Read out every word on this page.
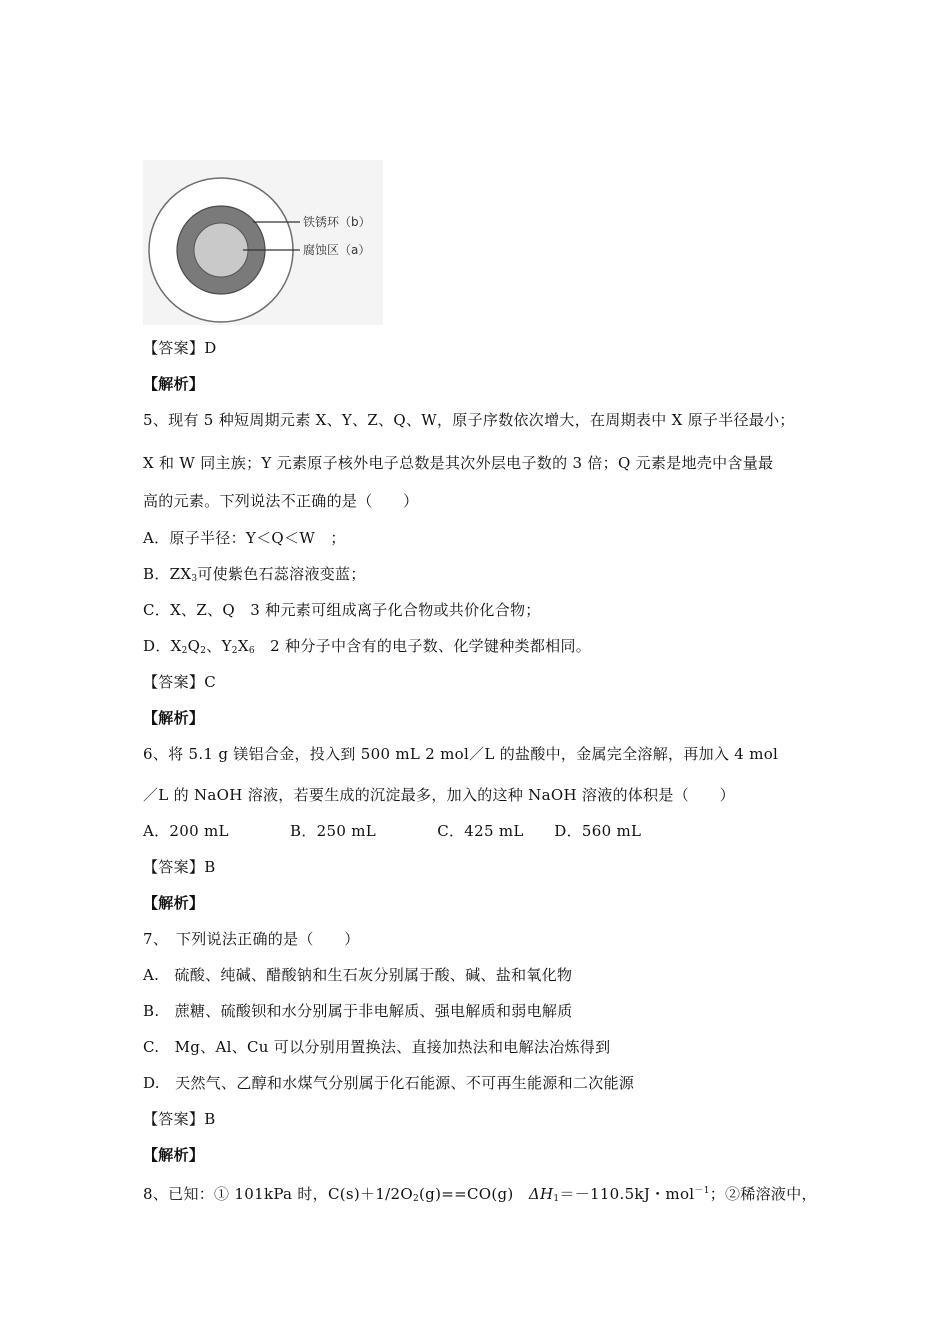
铁锈环（b）
腐蚀区（a）
【答案】D
【解析】
5、现有 5 种短周期元素 X、Y、Z、Q、W，原子序数依次增大，在周期表中 X 原子半径最小；
X 和 W 同主族；Y 元素原子核外电子总数是其次外层电子数的 3 倍；Q 元素是地壳中含量最
高的元素。下列说法不正确的是（　　）
A．原子半径：Y＜Q＜W　；
B．$ZX_3$可使紫色石蕊溶液变蓝；
C．X、Z、Q　3 种元素可组成离子化合物或共价化合物；
D．$X_2Q_2$、$Y_2X_6$　2 种分子中含有的电子数、化学键种类都相同。
【答案】C
【解析】
6、将 5.1 g 镁铝合金，投入到 500 mL 2 mol／L 的盐酸中，金属完全溶解，再加入 4 mol
／L 的 NaOH 溶液，若要生成的沉淀最多，加入的这种 NaOH 溶液的体积是（　　）
A．200 mL　　　　B．250 mL　　　　C．425 mL　　D．560 mL
【答案】B
【解析】
7、　下列说法正确的是（　　）
A.　硫酸、纯碱、醋酸钠和生石灰分别属于酸、碱、盐和氧化物
B.　蔗糖、硫酸钡和水分别属于非电解质、强电解质和弱电解质
C.　Mg、Al、Cu 可以分别用置换法、直接加热法和电解法冶炼得到
D.　天然气、乙醇和水煤气分别属于化石能源、不可再生能源和二次能源
【答案】B
【解析】
8、已知：① 101kPa 时，$C(s)+1/2O_2(g)==CO(g)$　$\Delta H_1=-110.5kJ$・mol$^{-1}$；②稀溶液中，
